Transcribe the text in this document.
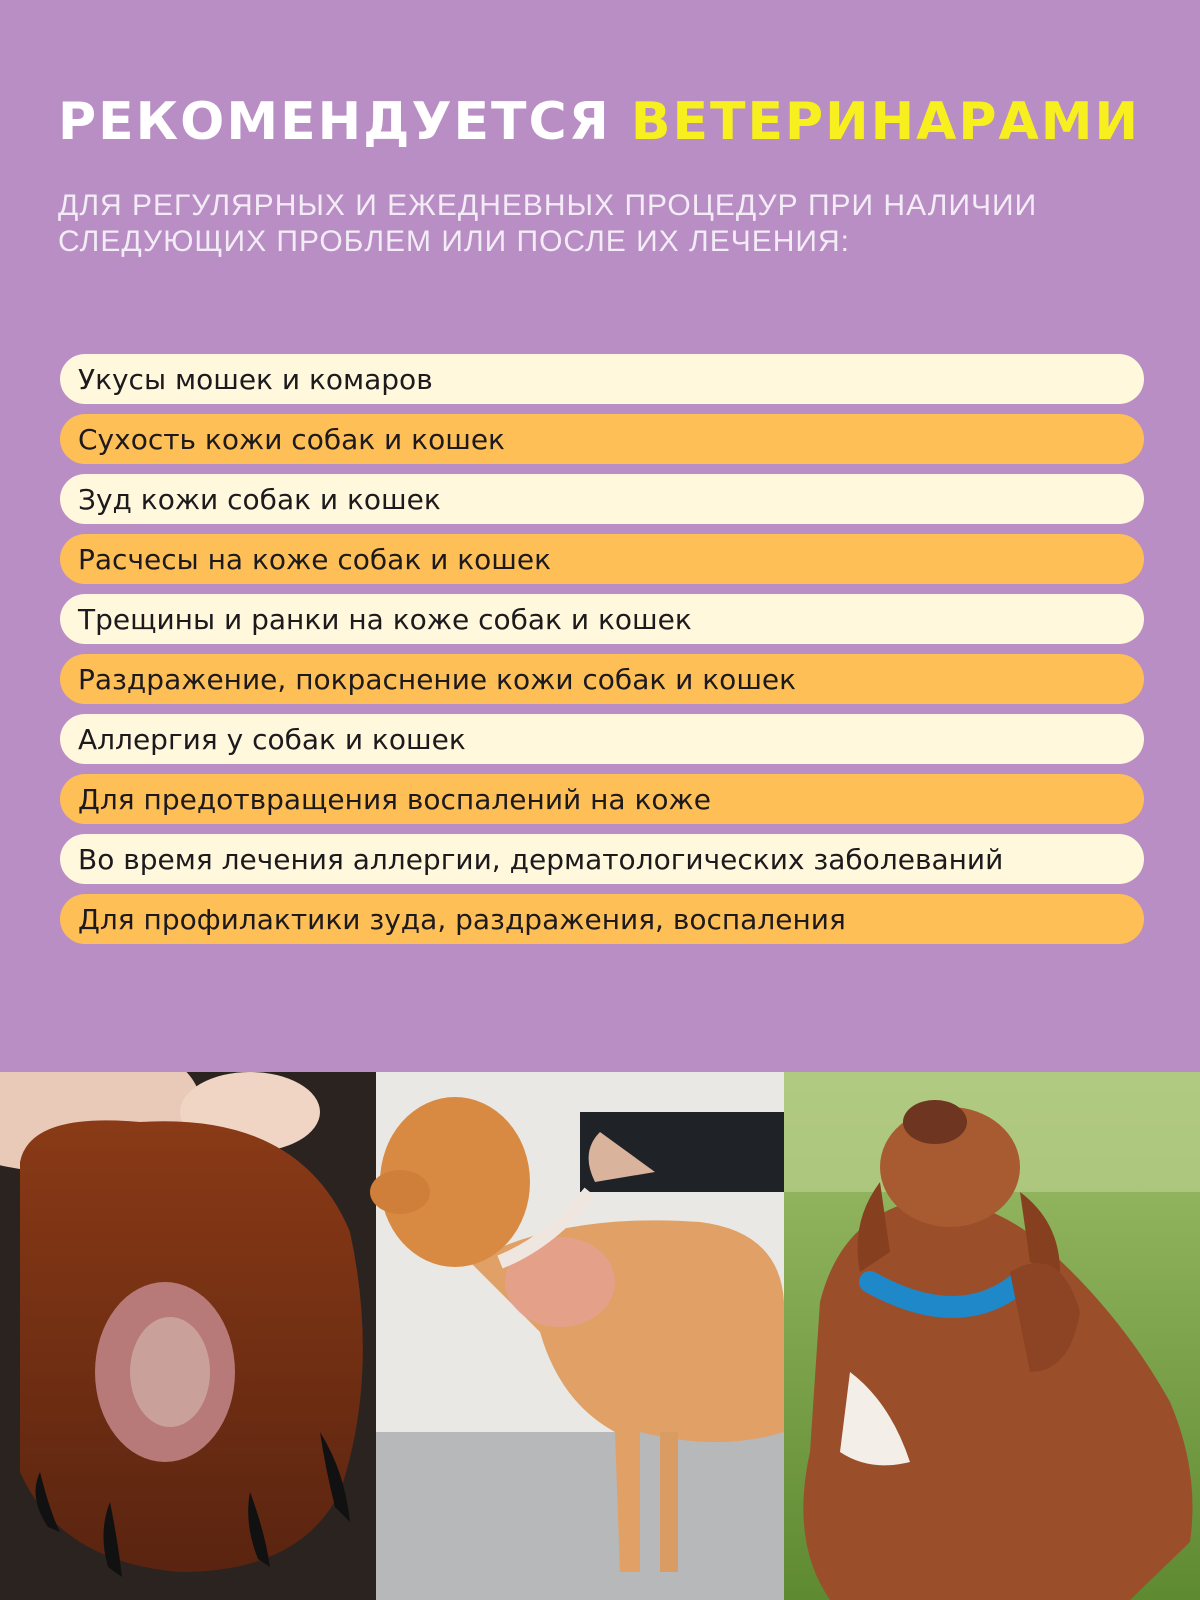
РЕКОМЕНДУЕТСЯ ВЕТЕРИНАРАМИ

ДЛЯ РЕГУЛЯРНЫХ И ЕЖЕДНЕВНЫХ ПРОЦЕДУР ПРИ НАЛИЧИИ СЛЕДУЮЩИХ ПРОБЛЕМ ИЛИ ПОСЛЕ ИХ ЛЕЧЕНИЯ:

Укусы мошек и комаров
Сухость кожи собак и кошек
Зуд кожи собак и кошек
Расчесы на коже собак и кошек
Трещины и ранки на коже собак и кошек
Раздражение, покраснение кожи собак и кошек
Аллергия у собак и кошек
Для предотвращения воспалений на коже
Во время лечения аллергии, дерматологических заболеваний
Для профилактики зуда, раздражения, воспаления
